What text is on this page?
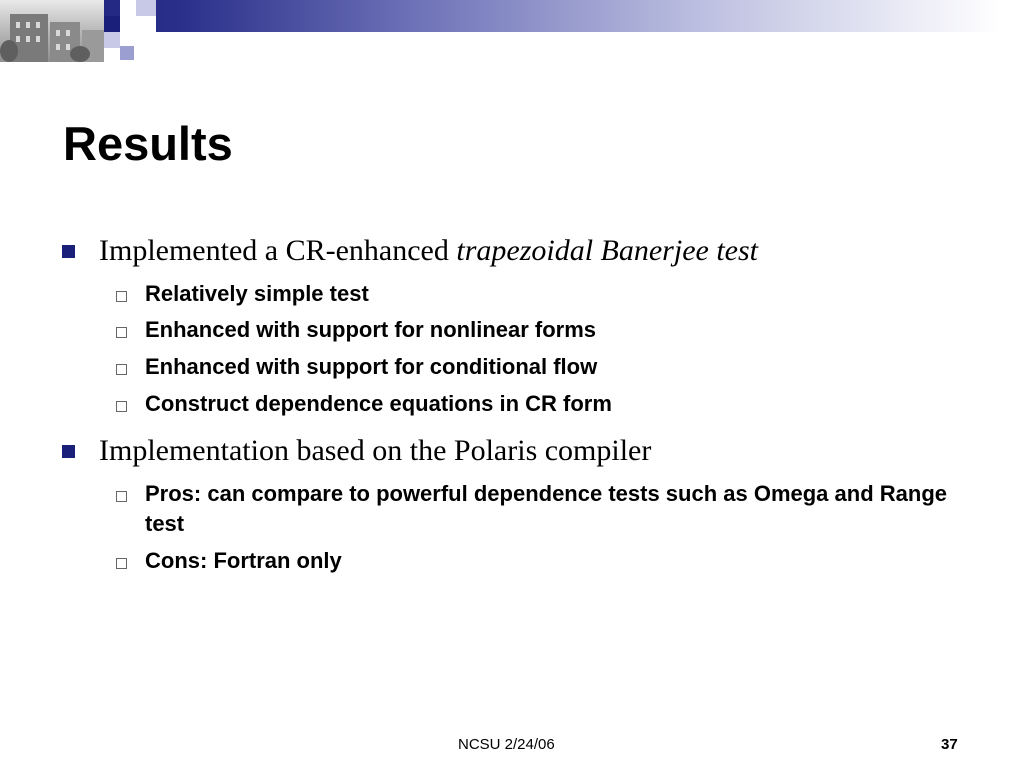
Results
Implemented a CR-enhanced trapezoidal Banerjee test
Relatively simple test
Enhanced with support for nonlinear forms
Enhanced with support for conditional flow
Construct dependence equations in CR form
Implementation based on the Polaris compiler
Pros: can compare to powerful dependence tests such as Omega and Range test
Cons: Fortran only
NCSU 2/24/06	37
